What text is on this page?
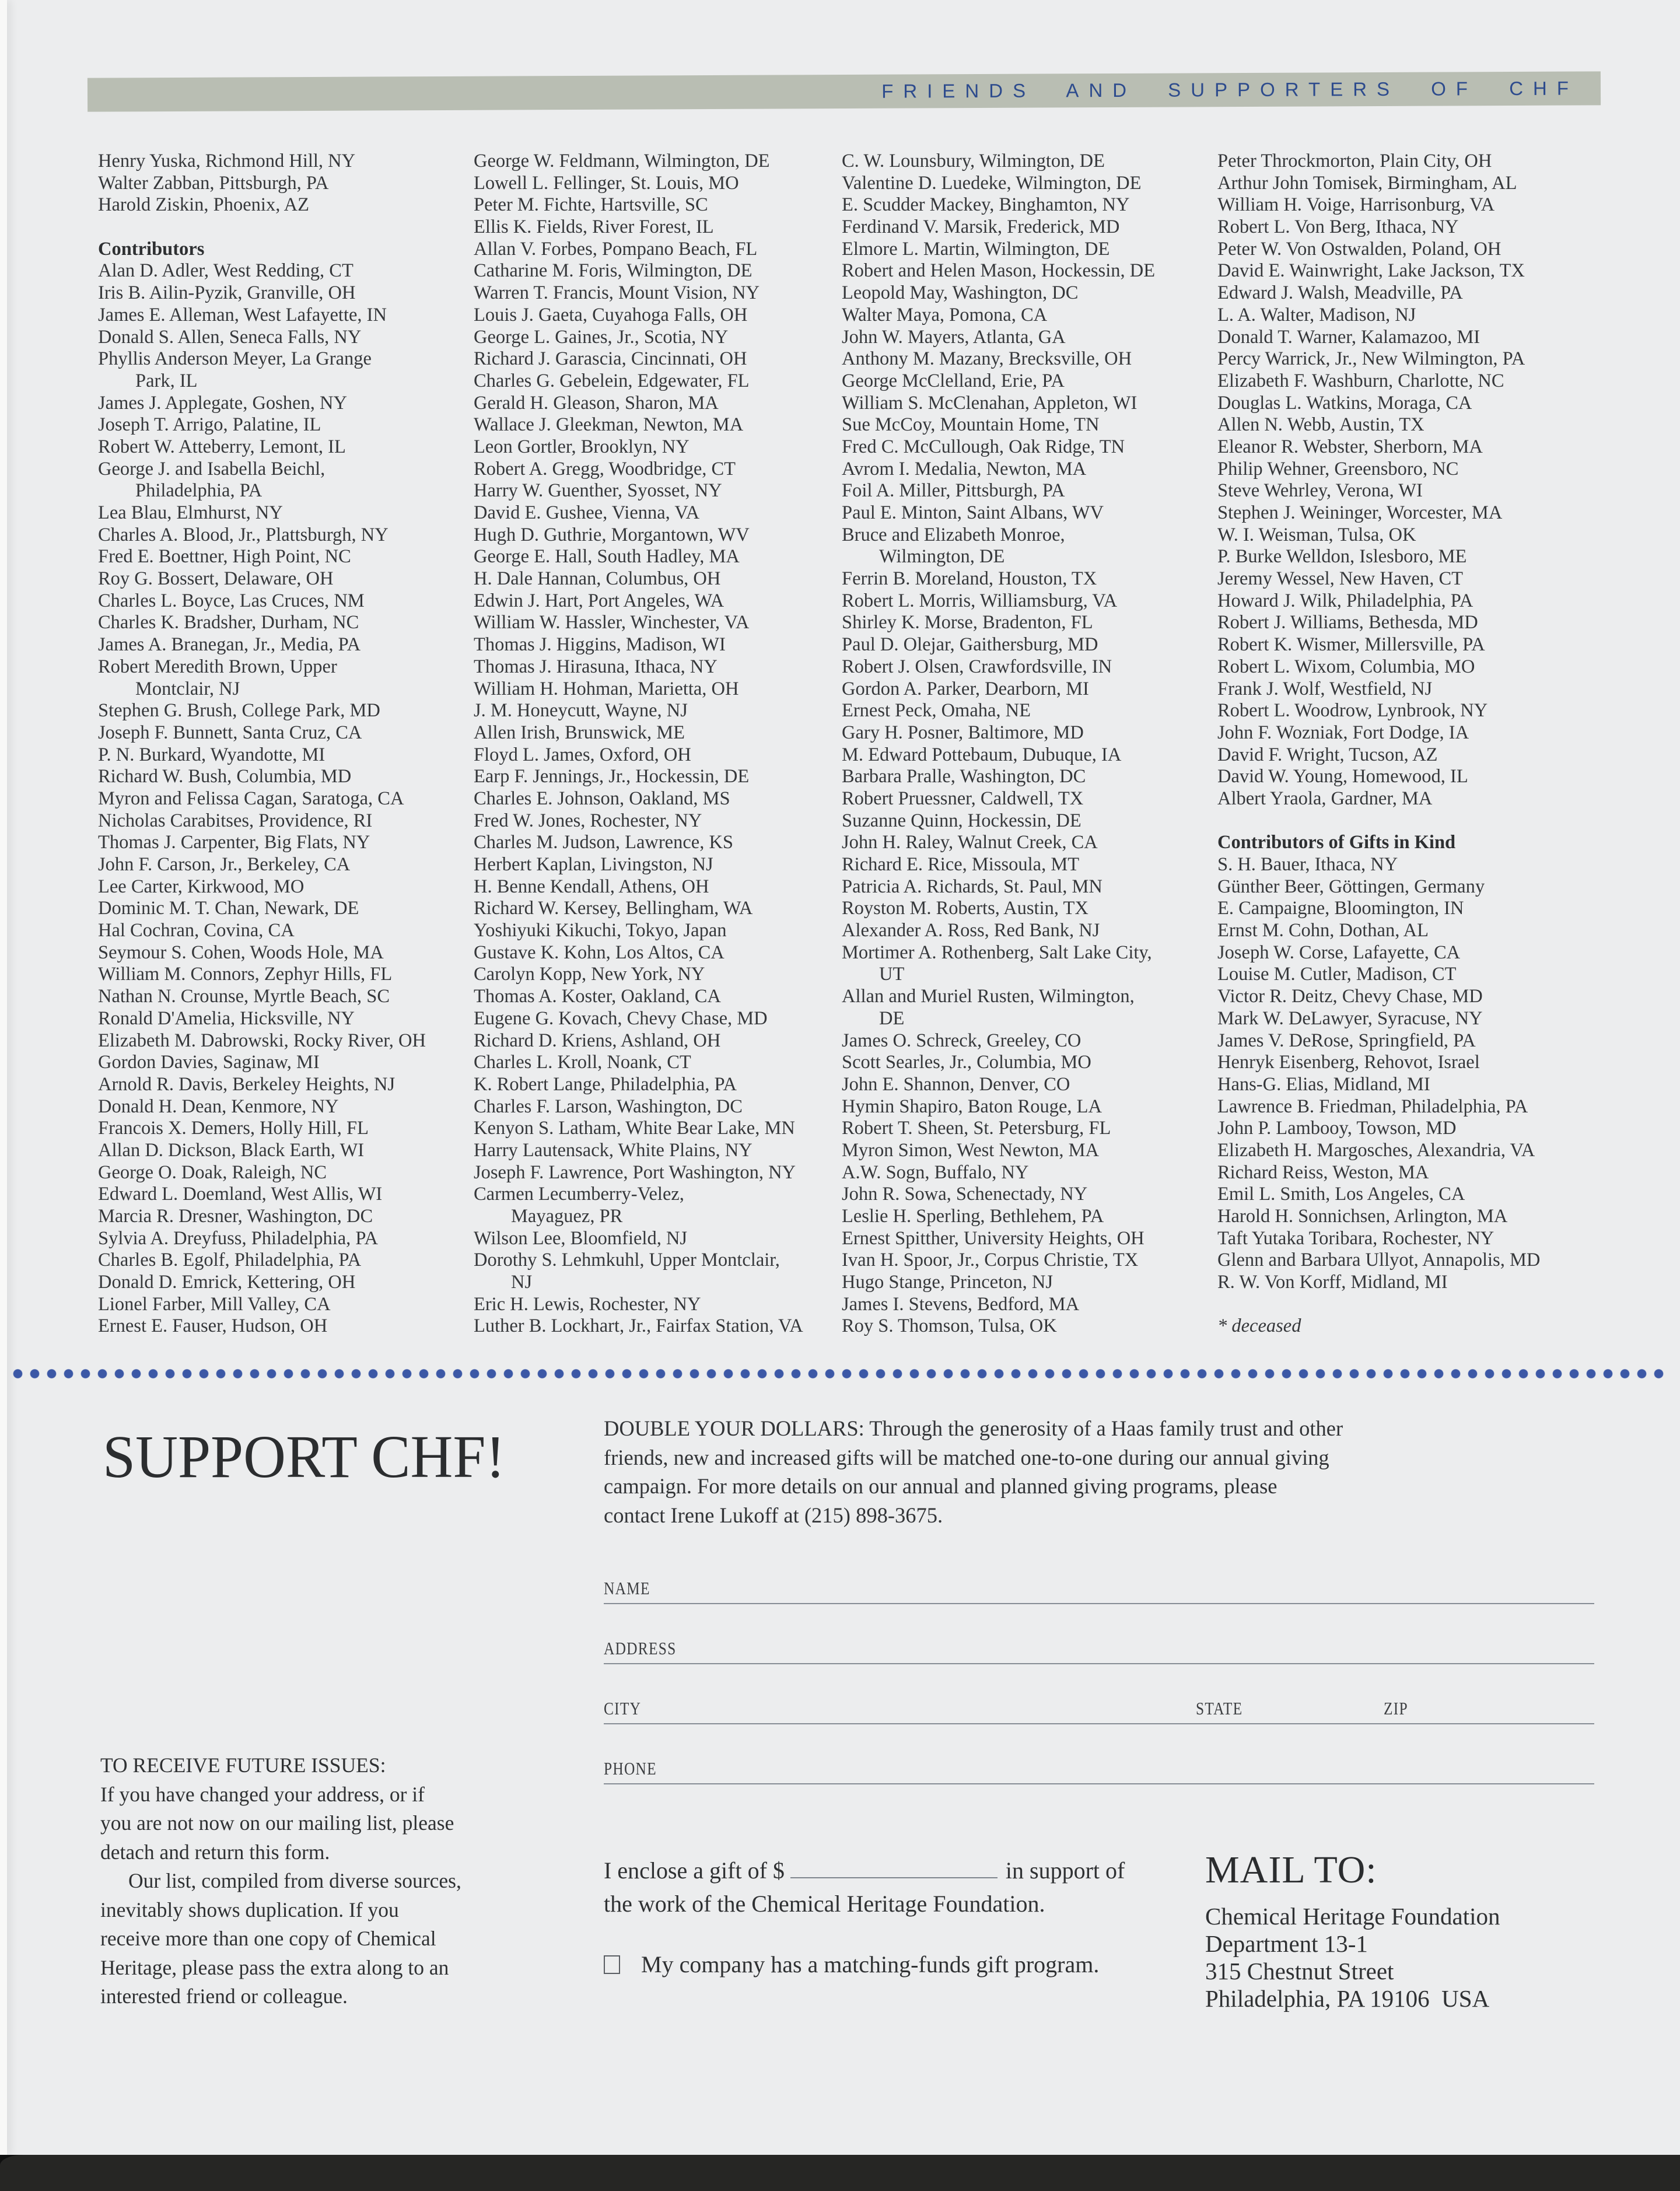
FRIENDS AND SUPPORTERS OF CHF
Henry Yuska, Richmond Hill, NY
Walter Zabban, Pittsburgh, PA
Harold Ziskin, Phoenix, AZ

Contributors
Alan D. Adler, West Redding, CT
Iris B. Ailin-Pyzik, Granville, OH
James E. Alleman, West Lafayette, IN
Donald S. Allen, Seneca Falls, NY
Phyllis Anderson Meyer, La Grange
Park, IL
James J. Applegate, Goshen, NY
Joseph T. Arrigo, Palatine, IL
Robert W. Atteberry, Lemont, IL
George J. and Isabella Beichl,
Philadelphia, PA
Lea Blau, Elmhurst, NY
Charles A. Blood, Jr., Plattsburgh, NY
Fred E. Boettner, High Point, NC
Roy G. Bossert, Delaware, OH
Charles L. Boyce, Las Cruces, NM
Charles K. Bradsher, Durham, NC
James A. Branegan, Jr., Media, PA
Robert Meredith Brown, Upper
Montclair, NJ
Stephen G. Brush, College Park, MD
Joseph F. Bunnett, Santa Cruz, CA
P. N. Burkard, Wyandotte, MI
Richard W. Bush, Columbia, MD
Myron and Felissa Cagan, Saratoga, CA
Nicholas Carabitses, Providence, RI
Thomas J. Carpenter, Big Flats, NY
John F. Carson, Jr., Berkeley, CA
Lee Carter, Kirkwood, MO
Dominic M. T. Chan, Newark, DE
Hal Cochran, Covina, CA
Seymour S. Cohen, Woods Hole, MA
William M. Connors, Zephyr Hills, FL
Nathan N. Crounse, Myrtle Beach, SC
Ronald D'Amelia, Hicksville, NY
Elizabeth M. Dabrowski, Rocky River, OH
Gordon Davies, Saginaw, MI
Arnold R. Davis, Berkeley Heights, NJ
Donald H. Dean, Kenmore, NY
Francois X. Demers, Holly Hill, FL
Allan D. Dickson, Black Earth, WI
George O. Doak, Raleigh, NC
Edward L. Doemland, West Allis, WI
Marcia R. Dresner, Washington, DC
Sylvia A. Dreyfuss, Philadelphia, PA
Charles B. Egolf, Philadelphia, PA
Donald D. Emrick, Kettering, OH
Lionel Farber, Mill Valley, CA
Ernest E. Fauser, Hudson, OH
George W. Feldmann, Wilmington, DE
Lowell L. Fellinger, St. Louis, MO
Peter M. Fichte, Hartsville, SC
Ellis K. Fields, River Forest, IL
Allan V. Forbes, Pompano Beach, FL
Catharine M. Foris, Wilmington, DE
Warren T. Francis, Mount Vision, NY
Louis J. Gaeta, Cuyahoga Falls, OH
George L. Gaines, Jr., Scotia, NY
Richard J. Garascia, Cincinnati, OH
Charles G. Gebelein, Edgewater, FL
Gerald H. Gleason, Sharon, MA
Wallace J. Gleekman, Newton, MA
Leon Gortler, Brooklyn, NY
Robert A. Gregg, Woodbridge, CT
Harry W. Guenther, Syosset, NY
David E. Gushee, Vienna, VA
Hugh D. Guthrie, Morgantown, WV
George E. Hall, South Hadley, MA
H. Dale Hannan, Columbus, OH
Edwin J. Hart, Port Angeles, WA
William W. Hassler, Winchester, VA
Thomas J. Higgins, Madison, WI
Thomas J. Hirasuna, Ithaca, NY
William H. Hohman, Marietta, OH
J. M. Honeycutt, Wayne, NJ
Allen Irish, Brunswick, ME
Floyd L. James, Oxford, OH
Earp F. Jennings, Jr., Hockessin, DE
Charles E. Johnson, Oakland, MS
Fred W. Jones, Rochester, NY
Charles M. Judson, Lawrence, KS
Herbert Kaplan, Livingston, NJ
H. Benne Kendall, Athens, OH
Richard W. Kersey, Bellingham, WA
Yoshiyuki Kikuchi, Tokyo, Japan
Gustave K. Kohn, Los Altos, CA
Carolyn Kopp, New York, NY
Thomas A. Koster, Oakland, CA
Eugene G. Kovach, Chevy Chase, MD
Richard D. Kriens, Ashland, OH
Charles L. Kroll, Noank, CT
K. Robert Lange, Philadelphia, PA
Charles F. Larson, Washington, DC
Kenyon S. Latham, White Bear Lake, MN
Harry Lautensack, White Plains, NY
Joseph F. Lawrence, Port Washington, NY
Carmen Lecumberry-Velez,
Mayaguez, PR
Wilson Lee, Bloomfield, NJ
Dorothy S. Lehmkuhl, Upper Montclair,
NJ
Eric H. Lewis, Rochester, NY
Luther B. Lockhart, Jr., Fairfax Station, VA
C. W. Lounsbury, Wilmington, DE
Valentine D. Luedeke, Wilmington, DE
E. Scudder Mackey, Binghamton, NY
Ferdinand V. Marsik, Frederick, MD
Elmore L. Martin, Wilmington, DE
Robert and Helen Mason, Hockessin, DE
Leopold May, Washington, DC
Walter Maya, Pomona, CA
John W. Mayers, Atlanta, GA
Anthony M. Mazany, Brecksville, OH
George McClelland, Erie, PA
William S. McClenahan, Appleton, WI
Sue McCoy, Mountain Home, TN
Fred C. McCullough, Oak Ridge, TN
Avrom I. Medalia, Newton, MA
Foil A. Miller, Pittsburgh, PA
Paul E. Minton, Saint Albans, WV
Bruce and Elizabeth Monroe,
Wilmington, DE
Ferrin B. Moreland, Houston, TX
Robert L. Morris, Williamsburg, VA
Shirley K. Morse, Bradenton, FL
Paul D. Olejar, Gaithersburg, MD
Robert J. Olsen, Crawfordsville, IN
Gordon A. Parker, Dearborn, MI
Ernest Peck, Omaha, NE
Gary H. Posner, Baltimore, MD
M. Edward Pottebaum, Dubuque, IA
Barbara Pralle, Washington, DC
Robert Pruessner, Caldwell, TX
Suzanne Quinn, Hockessin, DE
John H. Raley, Walnut Creek, CA
Richard E. Rice, Missoula, MT
Patricia A. Richards, St. Paul, MN
Royston M. Roberts, Austin, TX
Alexander A. Ross, Red Bank, NJ
Mortimer A. Rothenberg, Salt Lake City,
UT
Allan and Muriel Rusten, Wilmington,
DE
James O. Schreck, Greeley, CO
Scott Searles, Jr., Columbia, MO
John E. Shannon, Denver, CO
Hymin Shapiro, Baton Rouge, LA
Robert T. Sheen, St. Petersburg, FL
Myron Simon, West Newton, MA
A.W. Sogn, Buffalo, NY
John R. Sowa, Schenectady, NY
Leslie H. Sperling, Bethlehem, PA
Ernest Spitther, University Heights, OH
Ivan H. Spoor, Jr., Corpus Christie, TX
Hugo Stange, Princeton, NJ
James I. Stevens, Bedford, MA
Roy S. Thomson, Tulsa, OK
Peter Throckmorton, Plain City, OH
Arthur John Tomisek, Birmingham, AL
William H. Voige, Harrisonburg, VA
Robert L. Von Berg, Ithaca, NY
Peter W. Von Ostwalden, Poland, OH
David E. Wainwright, Lake Jackson, TX
Edward J. Walsh, Meadville, PA
L. A. Walter, Madison, NJ
Donald T. Warner, Kalamazoo, MI
Percy Warrick, Jr., New Wilmington, PA
Elizabeth F. Washburn, Charlotte, NC
Douglas L. Watkins, Moraga, CA
Allen N. Webb, Austin, TX
Eleanor R. Webster, Sherborn, MA
Philip Wehner, Greensboro, NC
Steve Wehrley, Verona, WI
Stephen J. Weininger, Worcester, MA
W. I. Weisman, Tulsa, OK
P. Burke Welldon, Islesboro, ME
Jeremy Wessel, New Haven, CT
Howard J. Wilk, Philadelphia, PA
Robert J. Williams, Bethesda, MD
Robert K. Wismer, Millersville, PA
Robert L. Wixom, Columbia, MO
Frank J. Wolf, Westfield, NJ
Robert L. Woodrow, Lynbrook, NY
John F. Wozniak, Fort Dodge, IA
David F. Wright, Tucson, AZ
David W. Young, Homewood, IL
Albert Yraola, Gardner, MA

Contributors of Gifts in Kind
S. H. Bauer, Ithaca, NY
Günther Beer, Göttingen, Germany
E. Campaigne, Bloomington, IN
Ernst M. Cohn, Dothan, AL
Joseph W. Corse, Lafayette, CA
Louise M. Cutler, Madison, CT
Victor R. Deitz, Chevy Chase, MD
Mark W. DeLawyer, Syracuse, NY
James V. DeRose, Springfield, PA
Henryk Eisenberg, Rehovot, Israel
Hans-G. Elias, Midland, MI
Lawrence B. Friedman, Philadelphia, PA
John P. Lambooy, Towson, MD
Elizabeth H. Margosches, Alexandria, VA
Richard Reiss, Weston, MA
Emil L. Smith, Los Angeles, CA
Harold H. Sonnichsen, Arlington, MA
Taft Yutaka Toribara, Rochester, NY
Glenn and Barbara Ullyot, Annapolis, MD
R. W. Von Korff, Midland, MI

* deceased
SUPPORT CHF!	DOUBLE YOUR DOLLARS: Through the generosity of a Haas family trust and other
friends, new and increased gifts will be matched one-to-one during our annual giving
campaign. For more details on our annual and planned giving programs, please
contact Irene Lukoff at (215) 898-3675.
NAME
ADDRESS
CITY	STATE	ZIP
PHONE
TO RECEIVE FUTURE ISSUES:
If you have changed your address, or if
you are not now on our mailing list, please
detach and return this form.
Our list, compiled from diverse sources,
inevitably shows duplication. If you
receive more than one copy of Chemical
Heritage, please pass the extra along to an
interested friend or colleague.
I enclose a gift of $	in support of
the work of the Chemical Heritage Foundation.
My company has a matching-funds gift program.
MAIL TO:
Chemical Heritage Foundation
Department 13-1
315 Chestnut Street
Philadelphia, PA 19106  USA
